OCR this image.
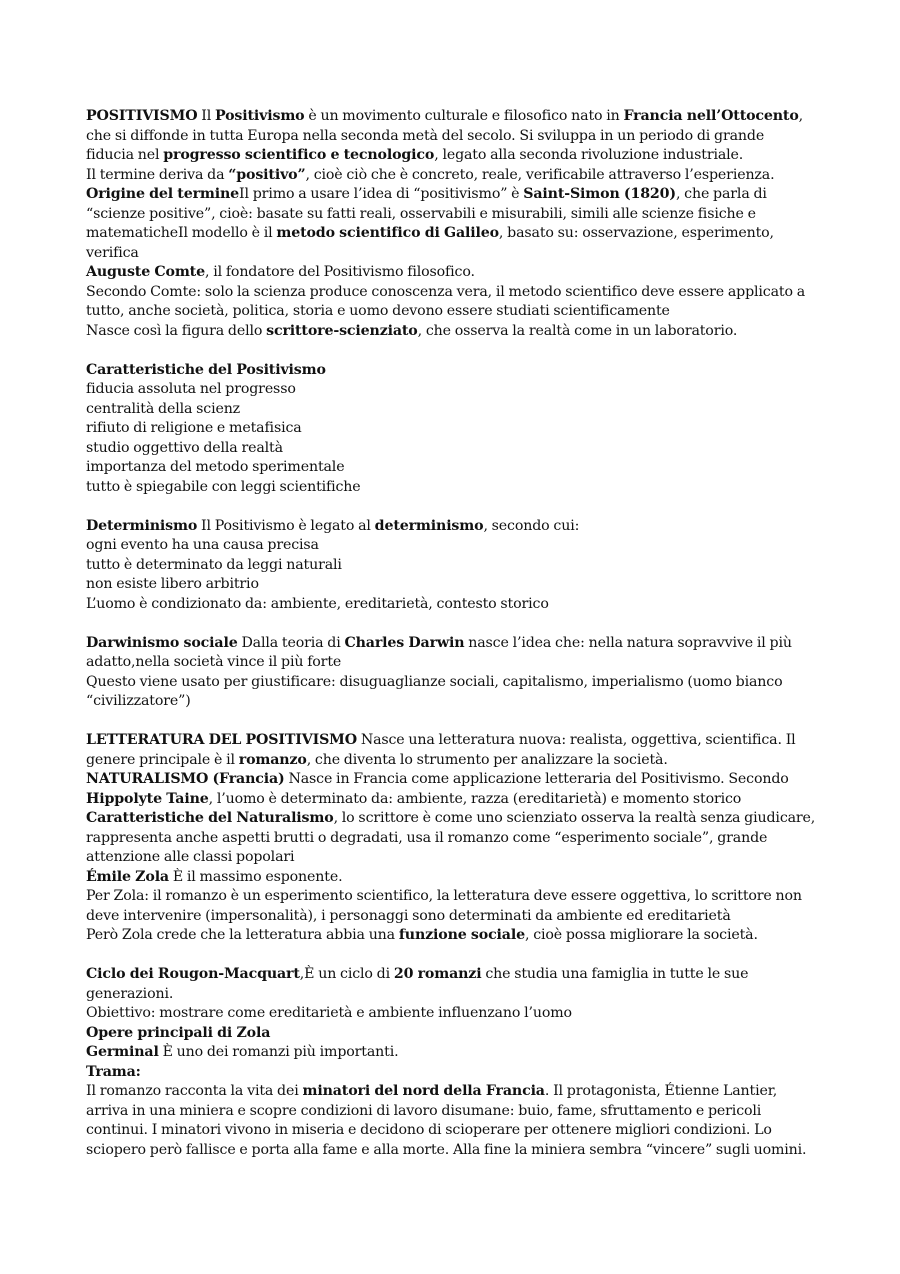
POSITIVISMO Il Positivismo è un movimento culturale e filosofico nato in Francia nell’Ottocento,
che si diffonde in tutta Europa nella seconda metà del secolo. Si sviluppa in un periodo di grande
fiducia nel progresso scientifico e tecnologico, legato alla seconda rivoluzione industriale.
Il termine deriva da “positivo”, cioè ciò che è concreto, reale, verificabile attraverso l’esperienza.
Origine del termineIl primo a usare l’idea di “positivismo” è Saint-Simon (1820), che parla di
“scienze positive”, cioè: basate su fatti reali, osservabili e misurabili, simili alle scienze fisiche e
matematicheIl modello è il metodo scientifico di Galileo, basato su: osservazione, esperimento,
verifica
Auguste Comte, il fondatore del Positivismo filosofico.
Secondo Comte: solo la scienza produce conoscenza vera, il metodo scientifico deve essere applicato a
tutto, anche società, politica, storia e uomo devono essere studiati scientificamente
Nasce così la figura dello scrittore-scienziato, che osserva la realtà come in un laboratorio.
Caratteristiche del Positivismo
fiducia assoluta nel progresso
centralità della scienz
rifiuto di religione e metafisica
studio oggettivo della realtà
importanza del metodo sperimentale
tutto è spiegabile con leggi scientifiche
Determinismo Il Positivismo è legato al determinismo, secondo cui:
ogni evento ha una causa precisa
tutto è determinato da leggi naturali
non esiste libero arbitrio
L’uomo è condizionato da: ambiente, ereditarietà, contesto storico
Darwinismo sociale Dalla teoria di Charles Darwin nasce l’idea che: nella natura sopravvive il più
adatto,nella società vince il più forte
Questo viene usato per giustificare: disuguaglianze sociali, capitalismo, imperialismo (uomo bianco
“civilizzatore”)
LETTERATURA DEL POSITIVISMO Nasce una letteratura nuova: realista, oggettiva, scientifica. Il
genere principale è il romanzo, che diventa lo strumento per analizzare la società.
NATURALISMO (Francia) Nasce in Francia come applicazione letteraria del Positivismo. Secondo
Hippolyte Taine, l’uomo è determinato da: ambiente, razza (ereditarietà) e momento storico
Caratteristiche del Naturalismo, lo scrittore è come uno scienziato osserva la realtà senza giudicare,
rappresenta anche aspetti brutti o degradati, usa il romanzo come “esperimento sociale”, grande
attenzione alle classi popolari
Émile Zola È il massimo esponente.
Per Zola: il romanzo è un esperimento scientifico, la letteratura deve essere oggettiva, lo scrittore non
deve intervenire (impersonalità), i personaggi sono determinati da ambiente ed ereditarietà
Però Zola crede che la letteratura abbia una funzione sociale, cioè possa migliorare la società.
Ciclo dei Rougon-Macquart,È un ciclo di 20 romanzi che studia una famiglia in tutte le sue
generazioni.
Obiettivo: mostrare come ereditarietà e ambiente influenzano l’uomo
Opere principali di Zola
Germinal È uno dei romanzi più importanti.
Trama:
Il romanzo racconta la vita dei minatori del nord della Francia. Il protagonista, Étienne Lantier,
arriva in una miniera e scopre condizioni di lavoro disumane: buio, fame, sfruttamento e pericoli
continui. I minatori vivono in miseria e decidono di scioperare per ottenere migliori condizioni. Lo
sciopero però fallisce e porta alla fame e alla morte. Alla fine la miniera sembra “vincere” sugli uomini.
